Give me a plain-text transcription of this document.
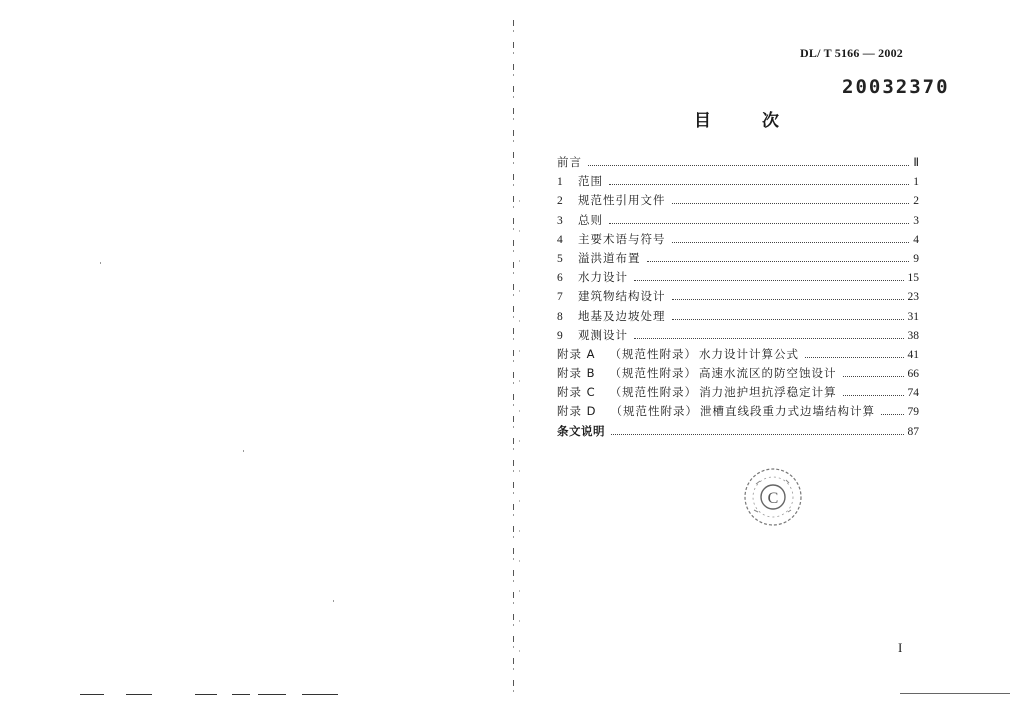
DL/ T 5166 — 2002
20032370
目	次
前言	Ⅱ
1	范围	1
2	规范性引用文件	2
3	总则	3
4	主要术语与符号	4
5	溢洪道布置	9
6	水力设计	15
7	建筑物结构设计	23
8	地基及边坡处理	31
9	观测设计	38
附录 A （规范性附录） 水力设计计算公式	41
附录 B （规范性附录） 高速水流区的防空蚀设计	66
附录 C （规范性附录） 消力池护坦抗浮稳定计算	74
附录 D （规范性附录） 泄槽直线段重力式边墙结构计算	79
条文说明	87
C
I
